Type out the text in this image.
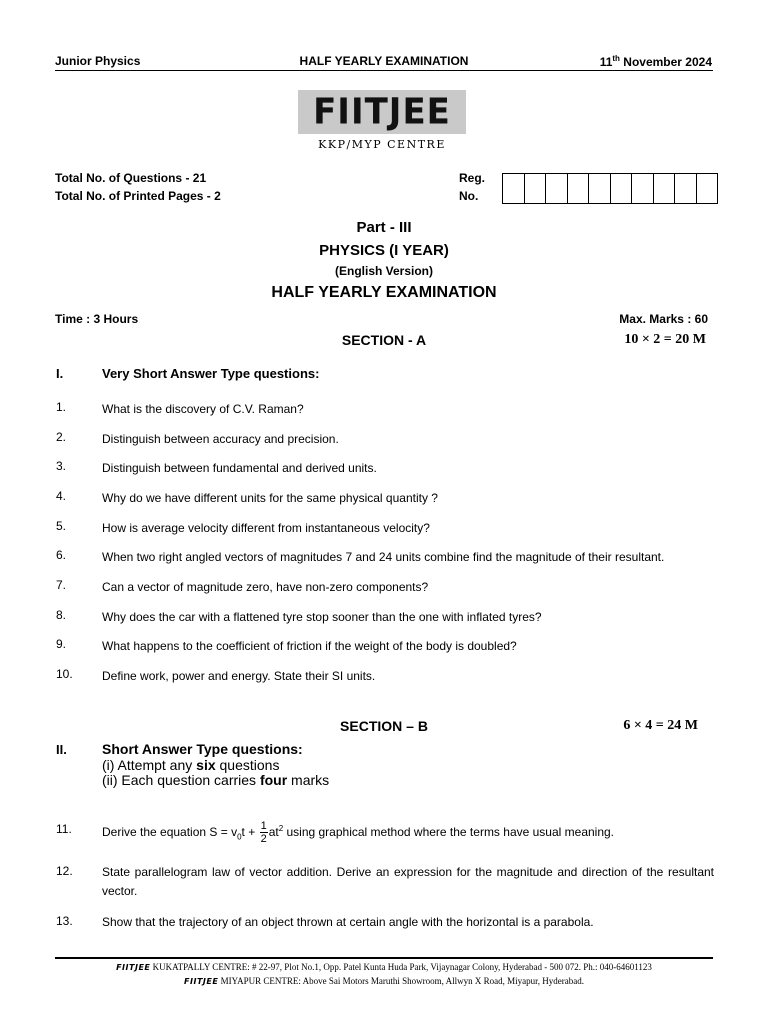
Junior Physics	HALF YEARLY EXAMINATION	11th November 2024
FIITJEE
KKP/MYP CENTRE
Total No. of Questions - 21
Total No. of Printed Pages - 2
Reg.
No.
Part - III
PHYSICS (I YEAR)
(English Version)
HALF YEARLY EXAMINATION
Time : 3 Hours	Max. Marks : 60
SECTION - A	10 × 2 = 20 M
I.	Very Short Answer Type questions:
1.	What is the discovery of C.V. Raman?
2.	Distinguish between accuracy and precision.
3.	Distinguish between fundamental and derived units.
4.	Why do we have different units for the same physical quantity ?
5.	How is average velocity different from instantaneous velocity?
6.	When two right angled vectors of magnitudes 7 and 24 units combine find the magnitude of their resultant.
7.	Can a vector of magnitude zero, have non-zero components?
8.	Why does the car with a flattened tyre stop sooner than the one with inflated tyres?
9.	What happens to the coefficient of friction if the weight of the body is doubled?
10. Define work, power and energy. State their SI units.
SECTION – B	6 × 4 = 24 M
II.	Short Answer Type questions:
(i) Attempt any six questions
(ii) Each question carries four marks
11.	Derive the equation $S = v_0t + \frac{1}{2} at^2$ using graphical method where the terms have usual meaning.
12. State parallelogram law of vector addition. Derive an expression for the magnitude and direction of the resultant vector.
13. Show that the trajectory of an object thrown at certain angle with the horizontal is a parabola.
FIITJEE KUKATPALLY CENTRE: # 22-97, Plot No.1, Opp. Patel Kunta Huda Park, Vijaynagar Colony, Hyderabad - 500 072. Ph.: 040-64601123
FIITJEE MIYAPUR CENTRE: Above Sai Motors Maruthi Showroom, Allwyn X Road, Miyapur, Hyderabad.
